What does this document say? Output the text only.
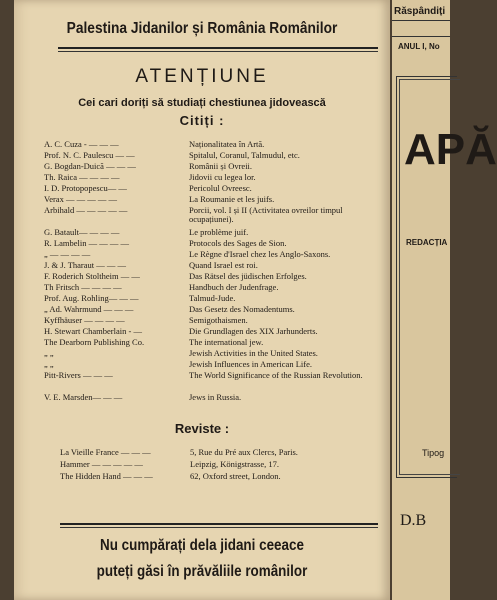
Palestina Jidanilor și România Românilor
ATENȚIUNE
Cei cari doriți să studiați chestiunea jidovească
Citiți :
A. C. Cuza - — — —	Naționalitatea în Artă.
Prof. N. C. Paulescu — —	Spitalul, Coranul, Talmudul, etc.
G. Bogdan-Duică — — —	Românii și Ovreii.
Th. Raica — — — —	Jidovii cu legea lor.
I. D. Protopopescu— —	Pericolul Ovreesc.
Verax — — — — —	La Roumanie et les juifs.
Arbihald — — — — —	Porcii, vol. I și II (Activitatea ovreilor timpul ocupațiunei).
G. Batault— — — —	Le problème juif.
R. Lambelin — — — —	Protocols des Sages de Sion.
„ — — — —	Le Règne d'Israel chez les Anglo-Saxons.
J. & J. Tharaut — — —	Quand Israel est roi.
F. Roderich Stoltheim — —	Das Rätsel des jüdischen Erfolges.
Th Fritsch — — — —	Handbuch der Judenfrage.
Prof. Aug. Rohling— — —	Talmud-Jude.
„ Ad. Wahrmund — — —	Das Gesetz des Nomadentums.
Kyffhäuser — — — —	Semigothaismen.
H. Stewart Chamberlain - —	Die Grundlagen des XIX Jarhunderts.
The Dearborn Publishing Co.	The international jew.
„ „	Jewish Activities in the United States.
„ „	Jewish Influences in American Life.
Pitt-Rivers — — —	The World Significance of the Russian Revolution.
V. E. Marsden— — —	Jews in Russia.
Reviste :
La Vieille France — — —	5, Rue du Pré aux Clercs, Paris.
Hammer — — — — —	Leipzig, Königstrasse, 17.
The Hidden Hand — — —	62, Oxford street, London.
Nu cumpărați dela jidani ceeace
puteți găsi în prăvăliile românilor
Răspândiți
ANUL I, No
APĂ
REDACȚIA
Tipog
D.B
